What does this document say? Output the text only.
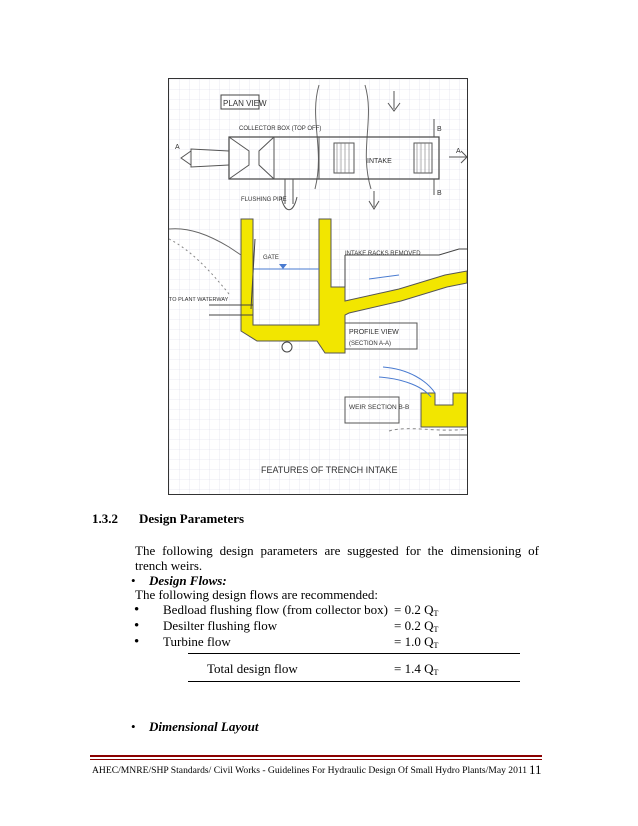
PLAN VIEW
COLLECTOR BOX (TOP OFF)
INTAKE
FLUSHING PIPE
A
A
B
B
INTAKE RACKS REMOVED
GATE
TO PLANT WATERWAY
PROFILE VIEW
(SECTION A-A)
WEIR SECTION B-B
FEATURES OF TRENCH INTAKE
1.3.2 Design Parameters
The following design parameters are suggested for the dimensioning of trench weirs.
• Design Flows:
The following design flows are recommended:
• Bedload flushing flow (from collector box) = 0.2 $Q_T$
• Desilter flushing flow	= 0.2 $Q_T$
• Turbine flow	= 1.0 $Q_T$
Total design flow	= 1.4 $Q_T$
• Dimensional Layout
AHEC/MNRE/SHP Standards/ Civil Works - Guidelines For Hydraulic Design Of Small Hydro Plants/May 2011 11
